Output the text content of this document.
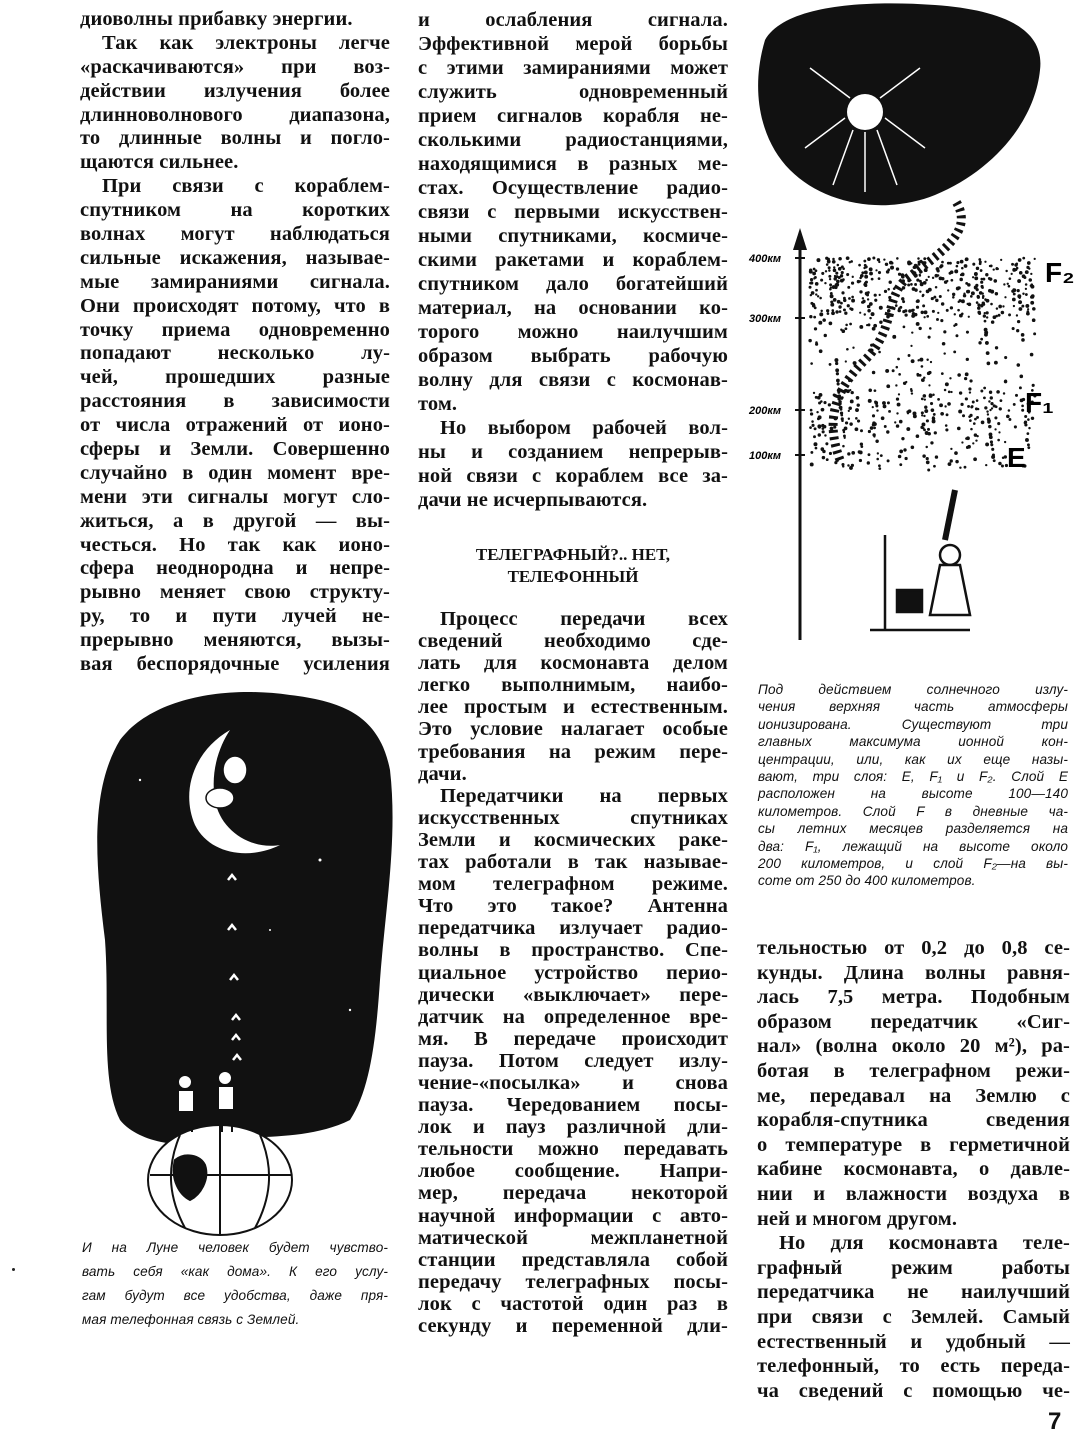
диоволны прибавку энергии.
Так как электроны легче
«раскачиваются» при воз-
действии излучения более
длинноволнового диапазона,
то длинные волны и погло-
щаются сильнее.
При связи с кораблем-
спутником на коротких
волнах могут наблюдаться
сильные искажения, называе-
мые замираниями сигнала.
Они происходят потому, что в
точку приема одновременно
попадают несколько лу-
чей, прошедших разные
расстояния в зависимости
от числа отражений от ионо-
сферы и Земли. Совершенно
случайно в один момент вре-
мени эти сигналы могут сло-
житься, а в другой — вы-
честься. Но так как ионо-
сфера неоднородна и непре-
рывно меняет свою структу-
ру, то и пути лучей не-
прерывно меняются, вызы-
вая беспорядочные усиления
и ослабления сигнала.
Эффективной мерой борьбы
с этими замираниями может
служить одновременный
прием сигналов корабля не-
сколькими радиостанциями,
находящимися в разных ме-
стах. Осуществление радио-
связи с первыми искусствен-
ными спутниками, космиче-
скими ракетами и кораблем-
спутником дало богатейший
материал, на основании ко-
торого можно наилучшим
образом выбрать рабочую
волну для связи с космонав-
том.
Но выбором рабочей вол-
ны и созданием непрерыв-
ной связи с кораблем все за-
дачи не исчерпываются.
ТЕЛЕГРАФНЫЙ?.. НЕТ,
ТЕЛЕФОННЫЙ
Процесс передачи всех
сведений необходимо сде-
лать для космонавта делом
легко выполнимым, наибо-
лее простым и естественным.
Это условие налагает особые
требования на режим пере-
дачи.
Передатчики на первых
искусственных спутниках
Земли и космических раке-
тах работали в так называе-
мом телеграфном режиме.
Что это такое? Антенна
передатчика излучает радио-
волны в пространство. Спе-
циальное устройство перио-
дически «выключает» пере-
датчик на определенное вре-
мя. В передаче происходит
пауза. Потом следует излу-
чение-«посылка» и снова
пауза. Чередованием посы-
лок и пауз различной дли-
тельности можно передавать
любое сообщение. Напри-
мер, передача некоторой
научной информации с авто-
матической межпланетной
станции представляла собой
передачу телеграфных посы-
лок с частотой один раз в
секунду и переменной дли-
тельностью от 0,2 до 0,8 се-
кунды. Длина волны равня-
лась 7,5 метра. Подобным
образом передатчик «Сиг-
нал» (волна около 20 м²), ра-
ботая в телеграфном режи-
ме, передавал на Землю с
корабля-спутника сведения
о температуре в герметичной
кабине космонавта, о давле-
нии и влажности воздуха в
ней и многом другом.
Но для космонавта теле-
графный режим работы
передатчика не наилучший
при связи с Землей. Самый
естественный и удобный —
телефонный, то есть переда-
ча сведений с помощью че-
И на Луне человек будет чувство-
вать себя «как дома». К его услу-
гам будут все удобства, даже пря-
мая телефонная связь с Землей.
Под действием солнечного излу-
чения верхняя часть атмосферы
ионизирована. Существуют три
главных максимума ионной кон-
центрации, или, как их еще назы-
вают, три слоя: E, F₁ и F₂. Слой E
расположен на высоте 100—140
километров. Слой F в дневные ча-
сы летних месяцев разделяется на
два: F₁, лежащий на высоте около
200 километров, и слой F₂—на вы-
соте от 250 до 400 километров.
400км
300км
200км
100км
F₂
F₁
E
7
